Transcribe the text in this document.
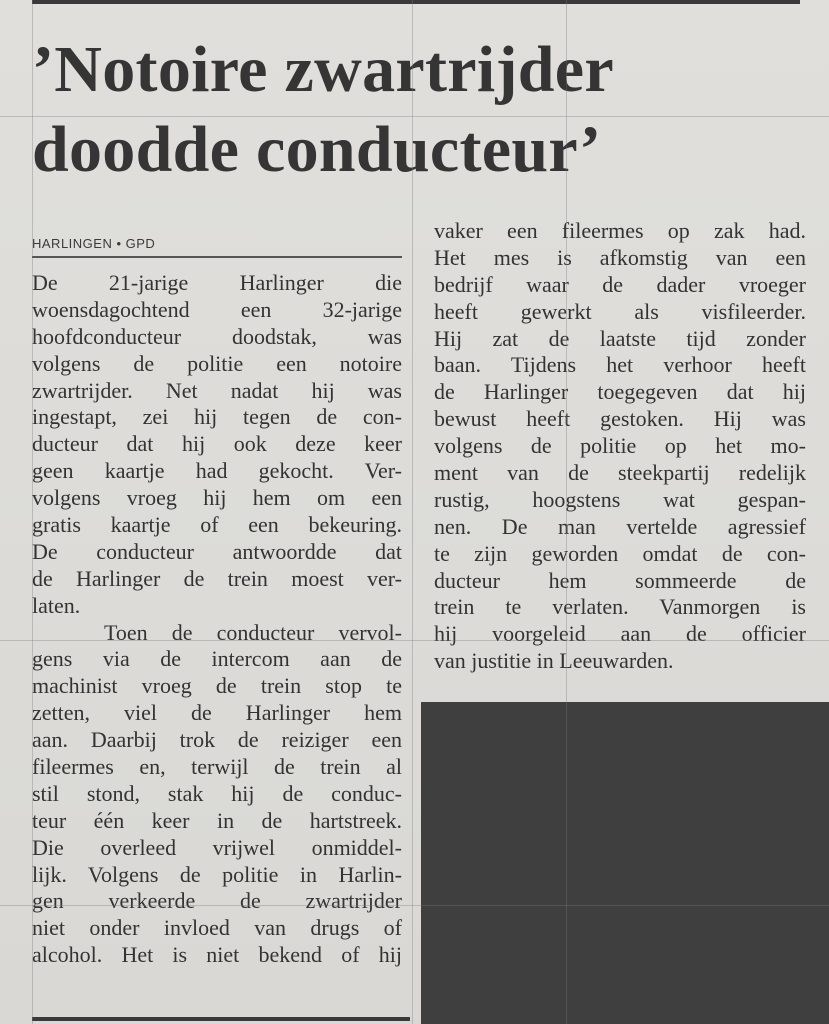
’Notoire zwartrijder
doodde conducteur’
HARLINGEN • GPD
De 21-jarige Harlinger die
woensdagochtend een 32-jarige
hoofdconducteur doodstak, was
volgens de politie een notoire
zwartrijder. Net nadat hij was
ingestapt, zei hij tegen de con-
ducteur dat hij ook deze keer
geen kaartje had gekocht. Ver-
volgens vroeg hij hem om een
gratis kaartje of een bekeuring.
De conducteur antwoordde dat
de Harlinger de trein moest ver-
laten.
Toen de conducteur vervol-
gens via de intercom aan de
machinist vroeg de trein stop te
zetten, viel de Harlinger hem
aan. Daarbij trok de reiziger een
fileermes en, terwijl de trein al
stil stond, stak hij de conduc-
teur één keer in de hartstreek.
Die overleed vrijwel onmiddel-
lijk. Volgens de politie in Harlin-
gen verkeerde de zwartrijder
niet onder invloed van drugs of
alcohol. Het is niet bekend of hij
vaker een fileermes op zak had.
Het mes is afkomstig van een
bedrijf waar de dader vroeger
heeft gewerkt als visfileerder.
Hij zat de laatste tijd zonder
baan. Tijdens het verhoor heeft
de Harlinger toegegeven dat hij
bewust heeft gestoken. Hij was
volgens de politie op het mo-
ment van de steekpartij redelijk
rustig, hoogstens wat gespan-
nen. De man vertelde agressief
te zijn geworden omdat de con-
ducteur hem sommeerde de
trein te verlaten. Vanmorgen is
hij voorgeleid aan de officier
van justitie in Leeuwarden.
